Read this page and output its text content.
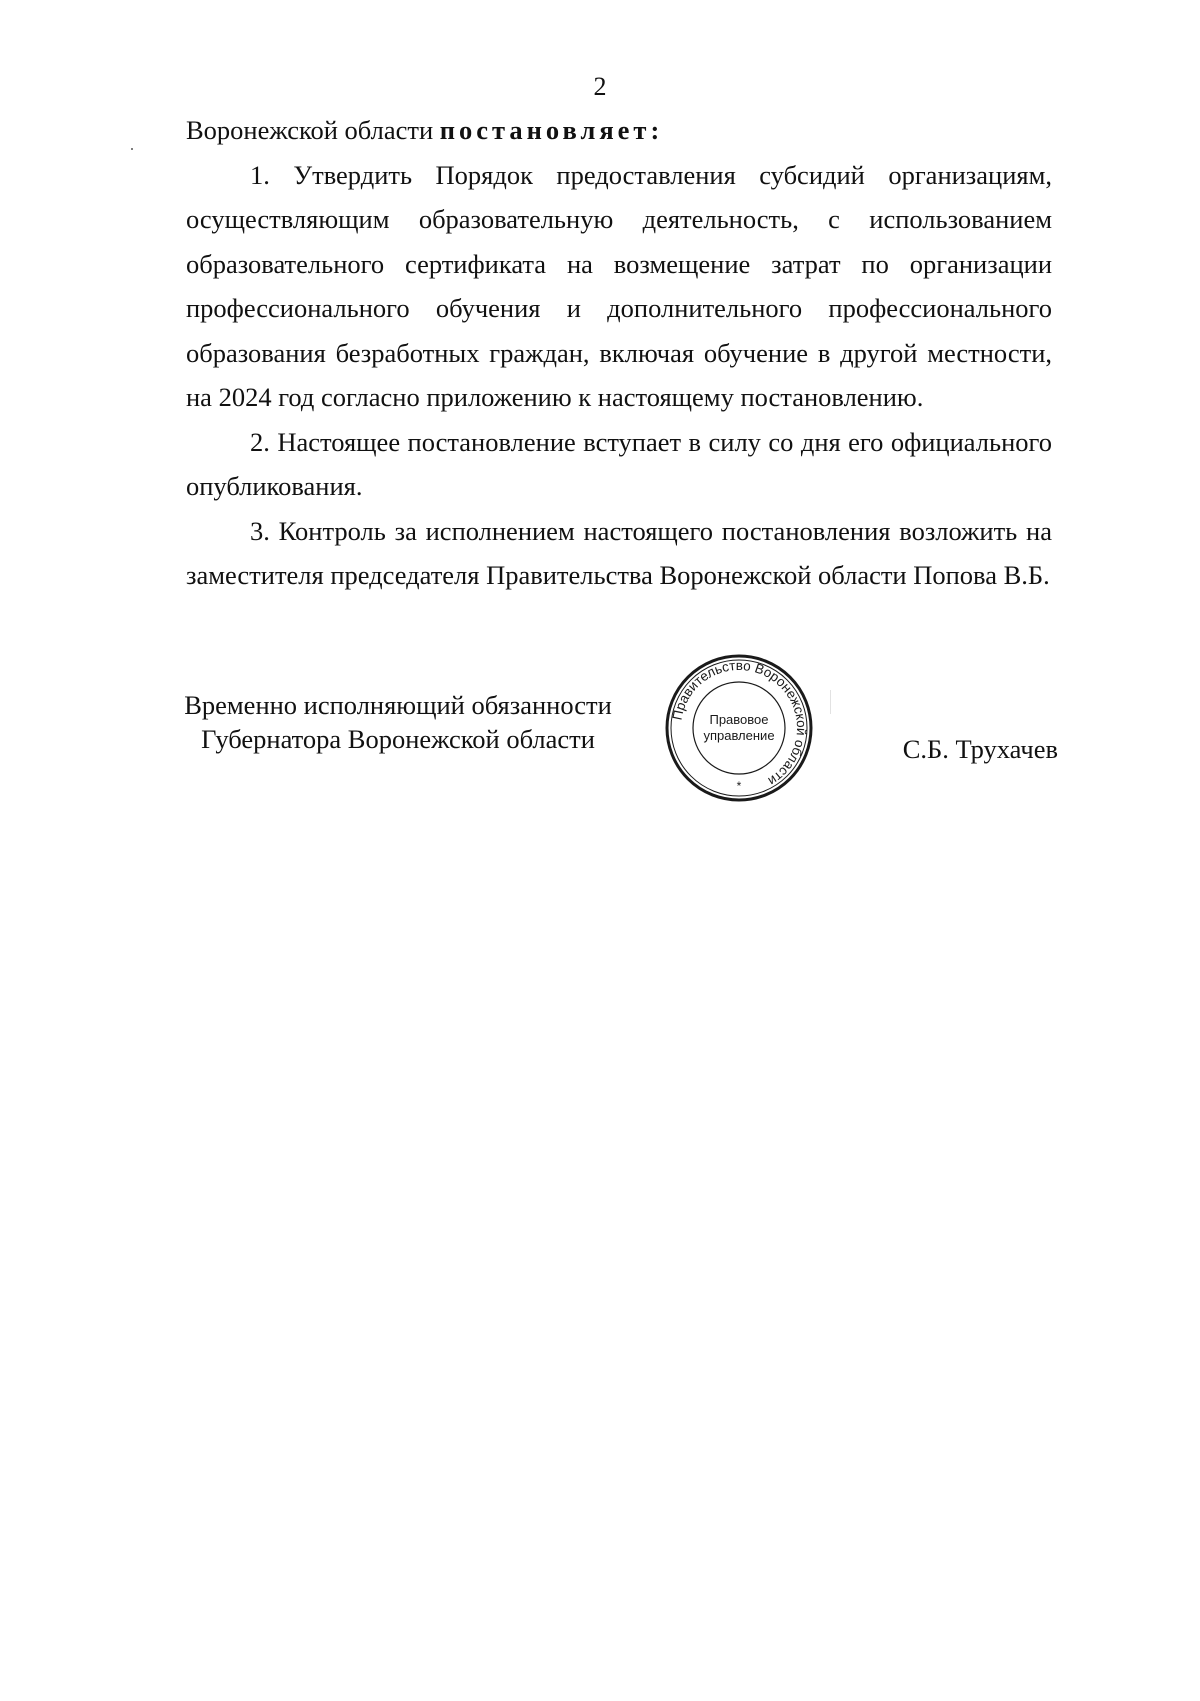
2

Воронежской области постановляет:

1. Утвердить Порядок предоставления субсидий организациям, осуществляющим образовательную деятельность, с использованием образовательного сертификата на возмещение затрат по организации профессионального обучения и дополнительного профессионального образования безработных граждан, включая обучение в другой местности, на 2024 год согласно приложению к настоящему постановлению.

2. Настоящее постановление вступает в силу со дня его официального опубликования.

3. Контроль за исполнением настоящего постановления возложить на заместителя председателя Правительства Воронежской области Попова В.Б.

Временно исполняющий обязанности
Губернатора Воронежской области
Правительство Воронежской области
Правовое
управление
*
С.Б. Трухачев
